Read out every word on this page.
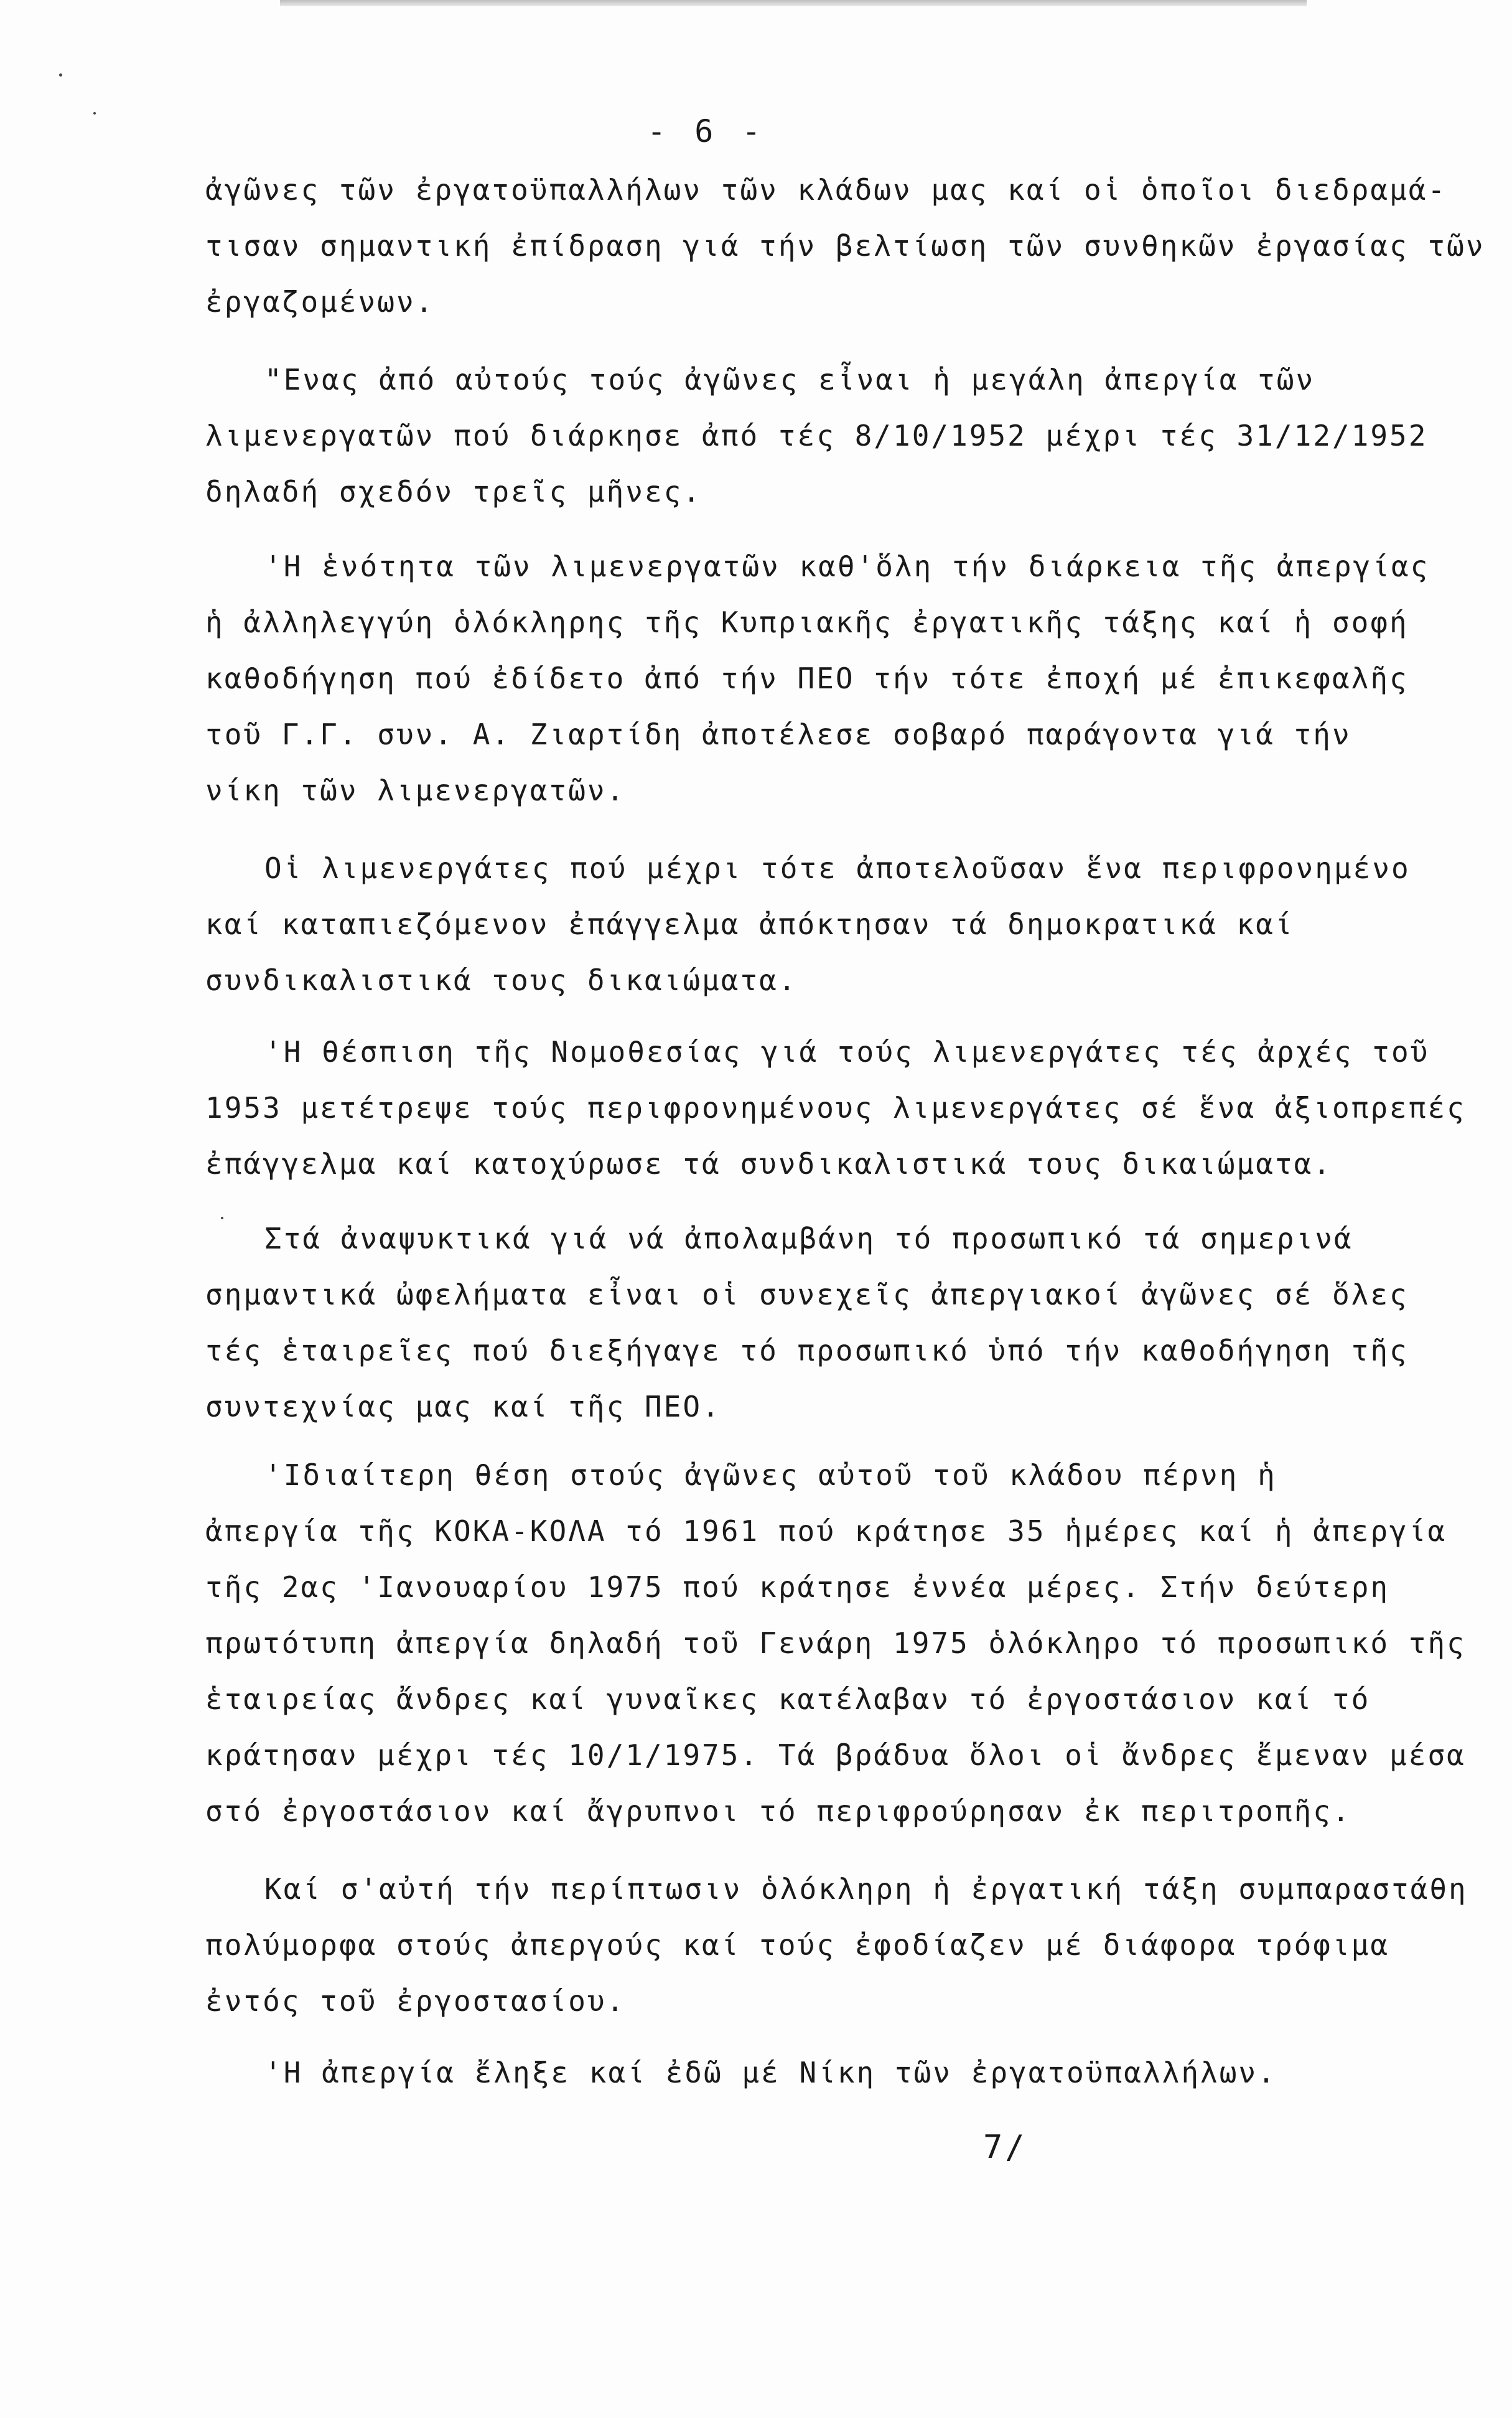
- 6 -
ἀγῶνες τῶν ἐργατοϋπαλλήλων τῶν κλάδων μας καί οἱ ὁποῖοι διεδραμά-
τισαν σημαντική ἐπίδραση γιά τήν βελτίωση τῶν συνθηκῶν ἐργασίας τῶν
ἐργαζομένων.
"Ενας ἀπό αὐτούς τούς ἀγῶνες εἶναι ἡ μεγάλη ἀπεργία τῶν
λιμενεργατῶν πού διάρκησε ἀπό τές 8/10/1952 μέχρι τές 31/12/1952
δηλαδή σχεδόν τρεῖς μῆνες.
'Η ἑνότητα τῶν λιμενεργατῶν καθ'ὅλη τήν διάρκεια τῆς ἀπεργίας
ἡ ἀλληλεγγύη ὁλόκληρης τῆς Κυπριακῆς ἐργατικῆς τάξης καί ἡ σοφή
καθοδήγηση πού ἐδίδετο ἀπό τήν ΠΕΟ τήν τότε ἐποχή μέ ἐπικεφαλῆς
τοῦ Γ.Γ. συν. Α. Ζιαρτίδη ἀποτέλεσε σοβαρό παράγοντα γιά τήν
νίκη τῶν λιμενεργατῶν.
Οἱ λιμενεργάτες πού μέχρι τότε ἀποτελοῦσαν ἕνα περιφρονημένο
καί καταπιεζόμενον ἐπάγγελμα ἀπόκτησαν τά δημοκρατικά καί
συνδικαλιστικά τους δικαιώματα.
'Η θέσπιση τῆς Νομοθεσίας γιά τούς λιμενεργάτες τές ἀρχές τοῦ
1953 μετέτρεψε τούς περιφρονημένους λιμενεργάτες σέ ἕνα ἀξιοπρεπές
ἐπάγγελμα καί κατοχύρωσε τά συνδικαλιστικά τους δικαιώματα.
Στά ἀναψυκτικά γιά νά ἀπολαμβάνη τό προσωπικό τά σημερινά
σημαντικά ὠφελήματα εἶναι οἱ συνεχεῖς ἀπεργιακοί ἀγῶνες σέ ὅλες
τές ἑταιρεῖες πού διεξήγαγε τό προσωπικό ὑπό τήν καθοδήγηση τῆς
συντεχνίας μας καί τῆς ΠΕΟ.
'Ιδιαίτερη θέση στούς ἀγῶνες αὐτοῦ τοῦ κλάδου πέρνη ἡ
ἀπεργία τῆς ΚΟΚΑ-ΚΟΛΑ τό 1961 πού κράτησε 35 ἡμέρες καί ἡ ἀπεργία
τῆς 2ας 'Ιανουαρίου 1975 πού κράτησε ἐννέα μέρες. Στήν δεύτερη
πρωτότυπη ἀπεργία δηλαδή τοῦ Γενάρη 1975 ὁλόκληρο τό προσωπικό τῆς
ἑταιρείας ἄνδρες καί γυναῖκες κατέλαβαν τό ἐργοστάσιον καί τό
κράτησαν μέχρι τές 10/1/1975. Τά βράδυα ὅλοι οἱ ἄνδρες ἔμεναν μέσα
στό ἐργοστάσιον καί ἄγρυπνοι τό περιφρούρησαν ἐκ περιτροπῆς.
Καί σ'αὐτή τήν περίπτωσιν ὁλόκληρη ἡ ἐργατική τάξη συμπαραστάθη
πολύμορφα στούς ἀπεργούς καί τούς ἐφοδίαζεν μέ διάφορα τρόφιμα
ἐντός τοῦ ἐργοστασίου.
'Η ἀπεργία ἔληξε καί ἐδῶ μέ Νίκη τῶν ἐργατοϋπαλλήλων.
7/
